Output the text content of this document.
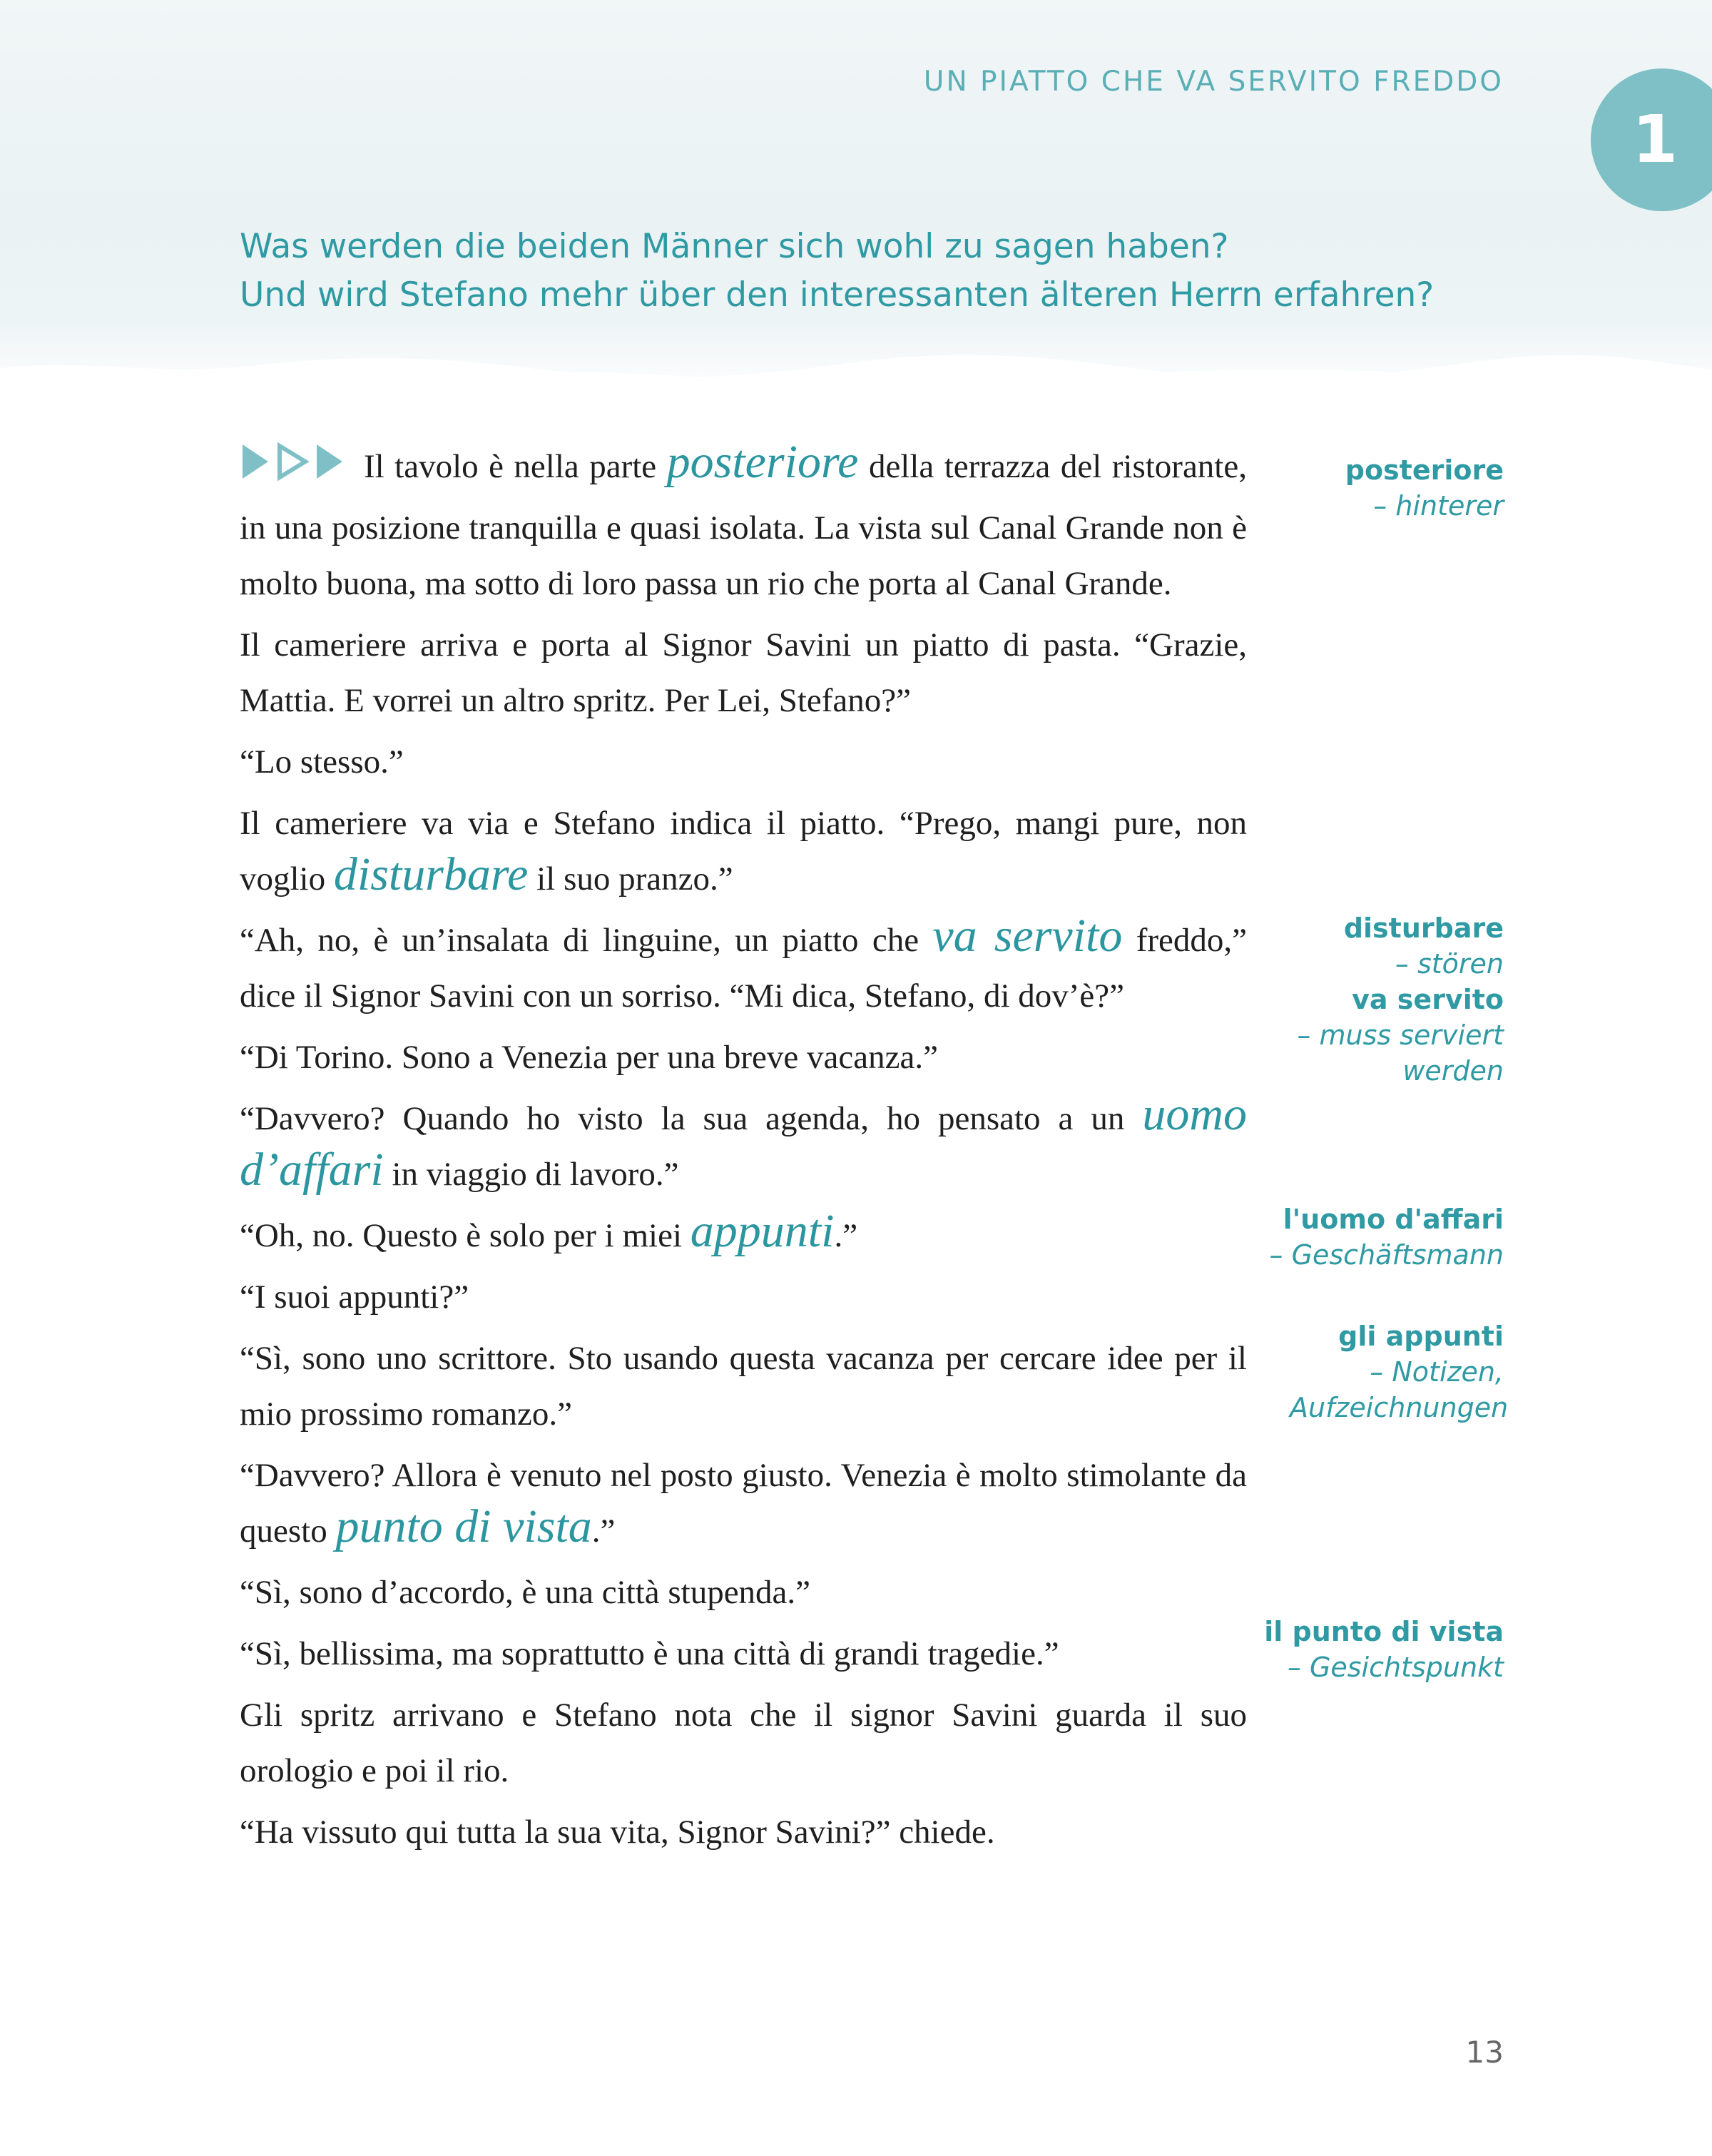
UN PIATTO CHE VA SERVITO FREDDO
1

Was werden die beiden Männer sich wohl zu sagen haben?

Und wird Stefano mehr über den interessanten älteren Herrn erfahren?

Il tavolo è nella parte posteriore della terrazza del ristorante, in una posizione tranquilla e quasi isolata. La vista sul Canal Grande non è molto buona, ma sotto di loro passa un rio che porta al Canal Grande.

Il cameriere arriva e porta al Signor Savini un piatto di pasta. “Grazie, Mattia. E vorrei un altro spritz. Per Lei, Stefano?”

“Lo stesso.”

Il cameriere va via e Stefano indica il piatto. “Prego, mangi pure, non voglio disturbare il suo pranzo.”

“Ah, no, è un’insalata di linguine, un piatto che va servito freddo,” dice il Signor Savini con un sorriso. “Mi dica, Stefano, di dov’è?”

“Di Torino. Sono a Venezia per una breve vacanza.”

“Davvero? Quando ho visto la sua agenda, ho pensato a un uomo d’affari in viaggio di lavoro.”

“Oh, no. Questo è solo per i miei appunti.”

“I suoi appunti?”

“Sì, sono uno scrittore. Sto usando questa vacanza per cercare idee per il mio prossimo romanzo.”

“Davvero? Allora è venuto nel posto giusto. Venezia è molto stimolante da questo punto di vista.”

“Sì, sono d’accordo, è una città stupenda.”

“Sì, bellissima, ma soprattutto è una città di grandi tragedie.”

Gli spritz arrivano e Stefano nota che il signor Savini guarda il suo orologio e poi il rio.

“Ha vissuto qui tutta la sua vita, Signor Savini?” chiede.

posteriore
– hinterer
disturbare
– stören
va servito
– muss serviert werden
l'uomo d'affari
– Geschäftsmann
gli appunti
– Notizen, Aufzeichnungen
il punto di vista
– Gesichtspunkt
13
